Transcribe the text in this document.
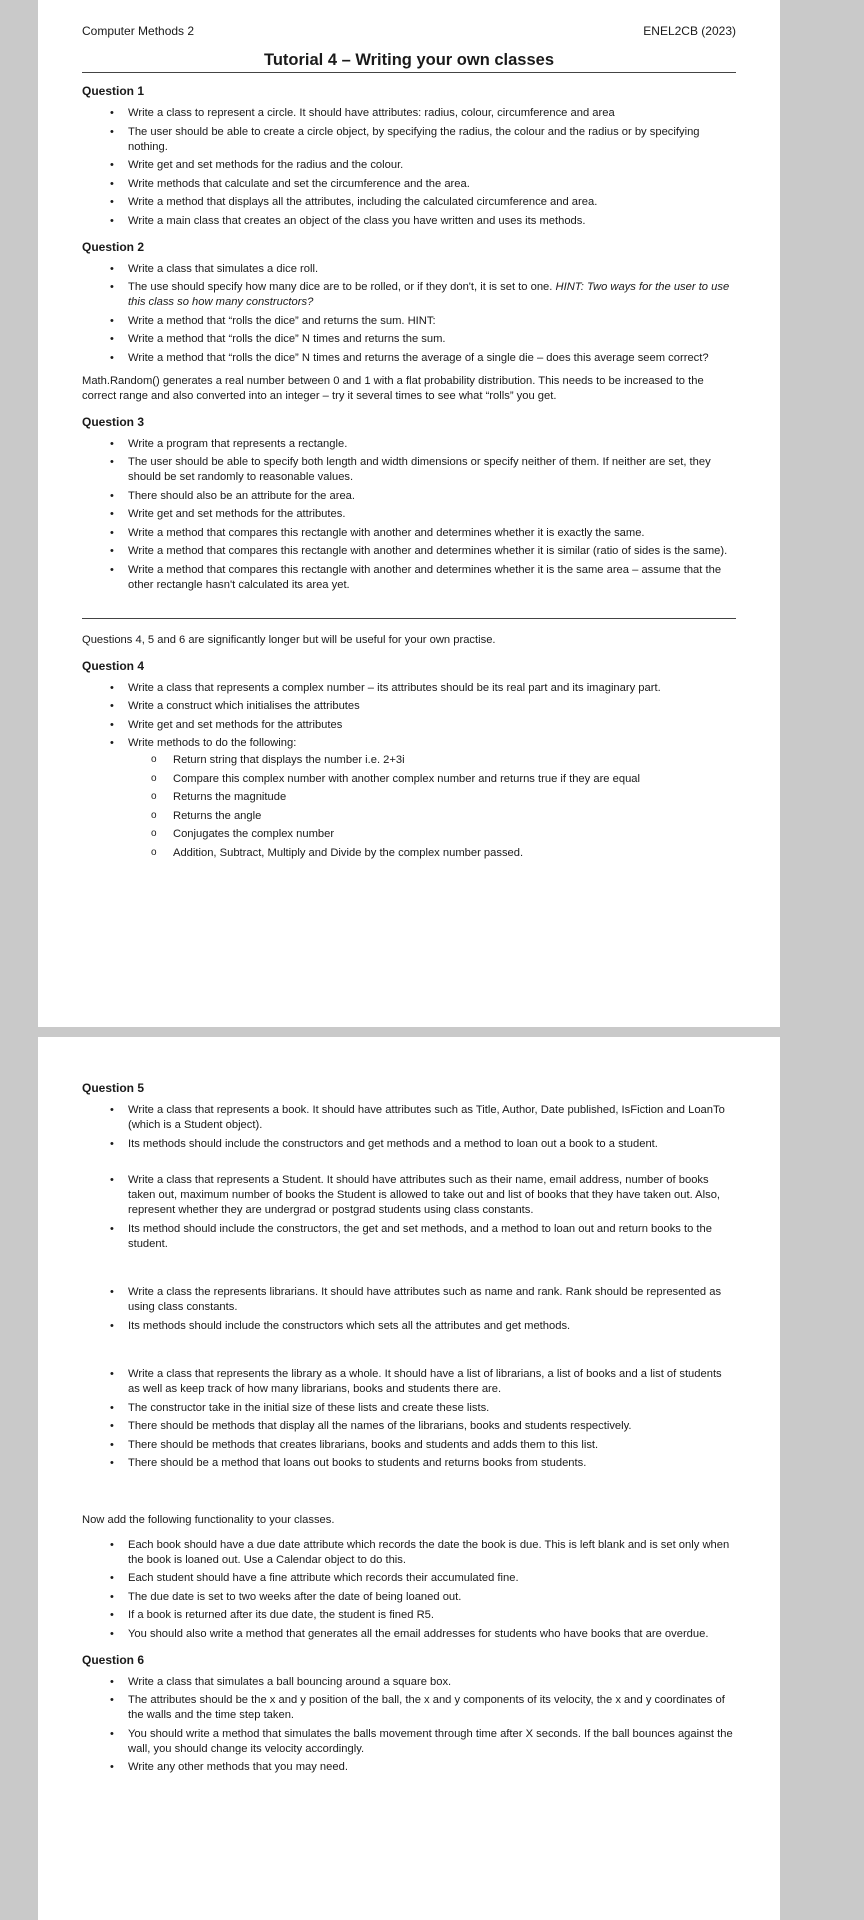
Computer Methods 2	ENEL2CB (2023)
Tutorial 4 – Writing your own classes
Question 1
• Write a class to represent a circle. It should have attributes: radius, colour, circumference and area
• The user should be able to create a circle object, by specifying the radius, the colour and the radius or by specifying nothing.
• Write get and set methods for the radius and the colour.
• Write methods that calculate and set the circumference and the area.
• Write a method that displays all the attributes, including the calculated circumference and area.
• Write a main class that creates an object of the class you have written and uses its methods.
Question 2
• Write a class that simulates a dice roll.
• The use should specify how many dice are to be rolled, or if they don't, it is set to one. HINT: Two ways for the user to use this class so how many constructors?
• Write a method that “rolls the dice” and returns the sum. HINT:
• Write a method that “rolls the dice” N times and returns the sum.
• Write a method that “rolls the dice” N times and returns the average of a single die – does this average seem correct?
Math.Random() generates a real number between 0 and 1 with a flat probability distribution. This needs to be increased to the correct range and also converted into an integer – try it several times to see what “rolls” you get.
Question 3
• Write a program that represents a rectangle.
• The user should be able to specify both length and width dimensions or specify neither of them. If neither are set, they should be set randomly to reasonable values.
• There should also be an attribute for the area.
• Write get and set methods for the attributes.
• Write a method that compares this rectangle with another and determines whether it is exactly the same.
• Write a method that compares this rectangle with another and determines whether it is similar (ratio of sides is the same).
• Write a method that compares this rectangle with another and determines whether it is the same area – assume that the other rectangle hasn't calculated its area yet.
Questions 4, 5 and 6 are significantly longer but will be useful for your own practise.
Question 4
• Write a class that represents a complex number – its attributes should be its real part and its imaginary part.
• Write a construct which initialises the attributes
• Write get and set methods for the attributes
• Write methods to do the following:
o Return string that displays the number i.e. 2+3i
o Compare this complex number with another complex number and returns true if they are equal
o Returns the magnitude
o Returns the angle
o Conjugates the complex number
o Addition, Subtract, Multiply and Divide by the complex number passed.
Question 5
• Write a class that represents a book. It should have attributes such as Title, Author, Date published, IsFiction and LoanTo (which is a Student object).
• Its methods should include the constructors and get methods and a method to loan out a book to a student.
• Write a class that represents a Student. It should have attributes such as their name, email address, number of books taken out, maximum number of books the Student is allowed to take out and list of books that they have taken out. Also, represent whether they are undergrad or postgrad students using class constants.
• Its method should include the constructors, the get and set methods, and a method to loan out and return books to the student.
• Write a class the represents librarians. It should have attributes such as name and rank. Rank should be represented as using class constants.
• Its methods should include the constructors which sets all the attributes and get methods.
• Write a class that represents the library as a whole. It should have a list of librarians, a list of books and a list of students as well as keep track of how many librarians, books and students there are.
• The constructor take in the initial size of these lists and create these lists.
• There should be methods that display all the names of the librarians, books and students respectively.
• There should be methods that creates librarians, books and students and adds them to this list.
• There should be a method that loans out books to students and returns books from students.
Now add the following functionality to your classes.
• Each book should have a due date attribute which records the date the book is due. This is left blank and is set only when the book is loaned out. Use a Calendar object to do this.
• Each student should have a fine attribute which records their accumulated fine.
• The due date is set to two weeks after the date of being loaned out.
• If a book is returned after its due date, the student is fined R5.
• You should also write a method that generates all the email addresses for students who have books that are overdue.
Question 6
• Write a class that simulates a ball bouncing around a square box.
• The attributes should be the x and y position of the ball, the x and y components of its velocity, the x and y coordinates of the walls and the time step taken.
• You should write a method that simulates the balls movement through time after X seconds. If the ball bounces against the wall, you should change its velocity accordingly.
• Write any other methods that you may need.
